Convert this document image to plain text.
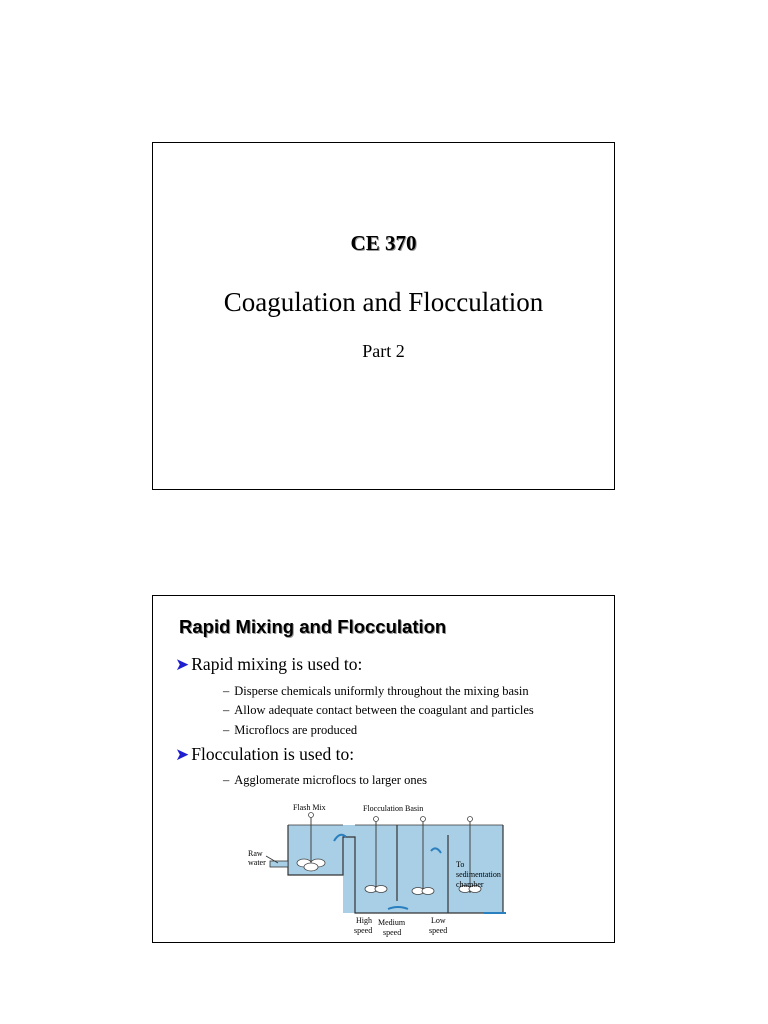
CE 370
Coagulation and Flocculation
Part 2
Rapid Mixing and Flocculation
➤ Rapid mixing is used to:
– Disperse chemicals uniformly throughout the mixing basin
– Allow adequate contact between the coagulant and particles
– Microflocs are produced
➤ Flocculation is used to:
– Agglomerate microflocs to larger ones
Flash Mix	Flocculation Basin
Raw
water	To
sedimentation
chamber
High
speed
Medium
speed
Low
speed
